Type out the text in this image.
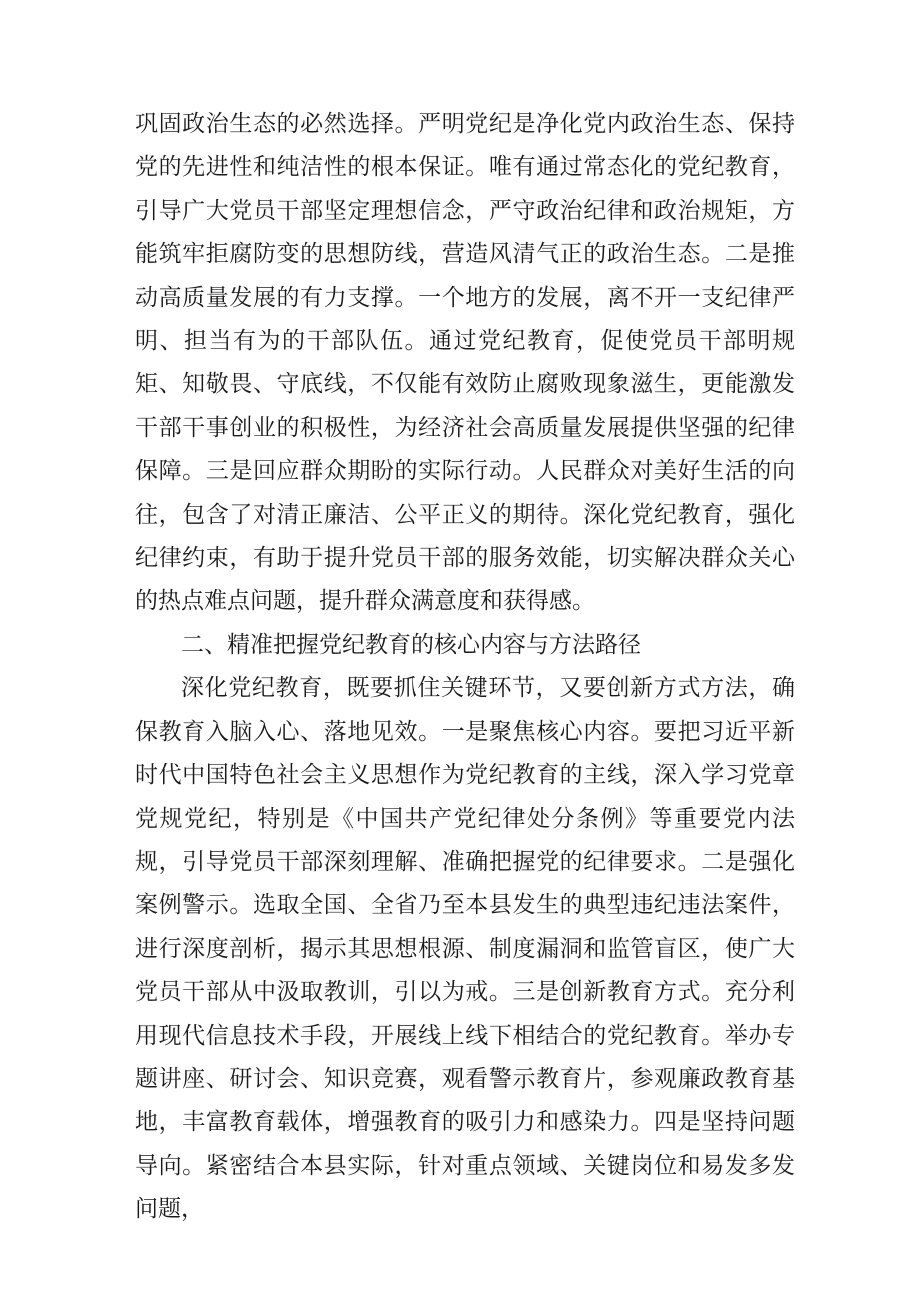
巩固政治生态的必然选择。严明党纪是净化党内政治生态、保持党的先进性和纯洁性的根本保证。唯有通过常态化的党纪教育，引导广大党员干部坚定理想信念，严守政治纪律和政治规矩，方能筑牢拒腐防变的思想防线，营造风清气正的政治生态。二是推动高质量发展的有力支撑。一个地方的发展，离不开一支纪律严明、担当有为的干部队伍。通过党纪教育，促使党员干部明规矩、知敬畏、守底线，不仅能有效防止腐败现象滋生，更能激发干部干事创业的积极性，为经济社会高质量发展提供坚强的纪律保障。三是回应群众期盼的实际行动。人民群众对美好生活的向往，包含了对清正廉洁、公平正义的期待。深化党纪教育，强化纪律约束，有助于提升党员干部的服务效能，切实解决群众关心的热点难点问题，提升群众满意度和获得感。

二、精准把握党纪教育的核心内容与方法路径

深化党纪教育，既要抓住关键环节，又要创新方式方法，确保教育入脑入心、落地见效。一是聚焦核心内容。要把习近平新时代中国特色社会主义思想作为党纪教育的主线，深入学习党章党规党纪，特别是《中国共产党纪律处分条例》等重要党内法规，引导党员干部深刻理解、准确把握党的纪律要求。二是强化案例警示。选取全国、全省乃至本县发生的典型违纪违法案件，进行深度剖析，揭示其思想根源、制度漏洞和监管盲区，使广大党员干部从中汲取教训，引以为戒。三是创新教育方式。充分利用现代信息技术手段，开展线上线下相结合的党纪教育。举办专题讲座、研讨会、知识竞赛，观看警示教育片，参观廉政教育基地，丰富教育载体，增强教育的吸引力和感染力。四是坚持问题导向。紧密结合本县实际，针对重点领域、关键岗位和易发多发问题，
